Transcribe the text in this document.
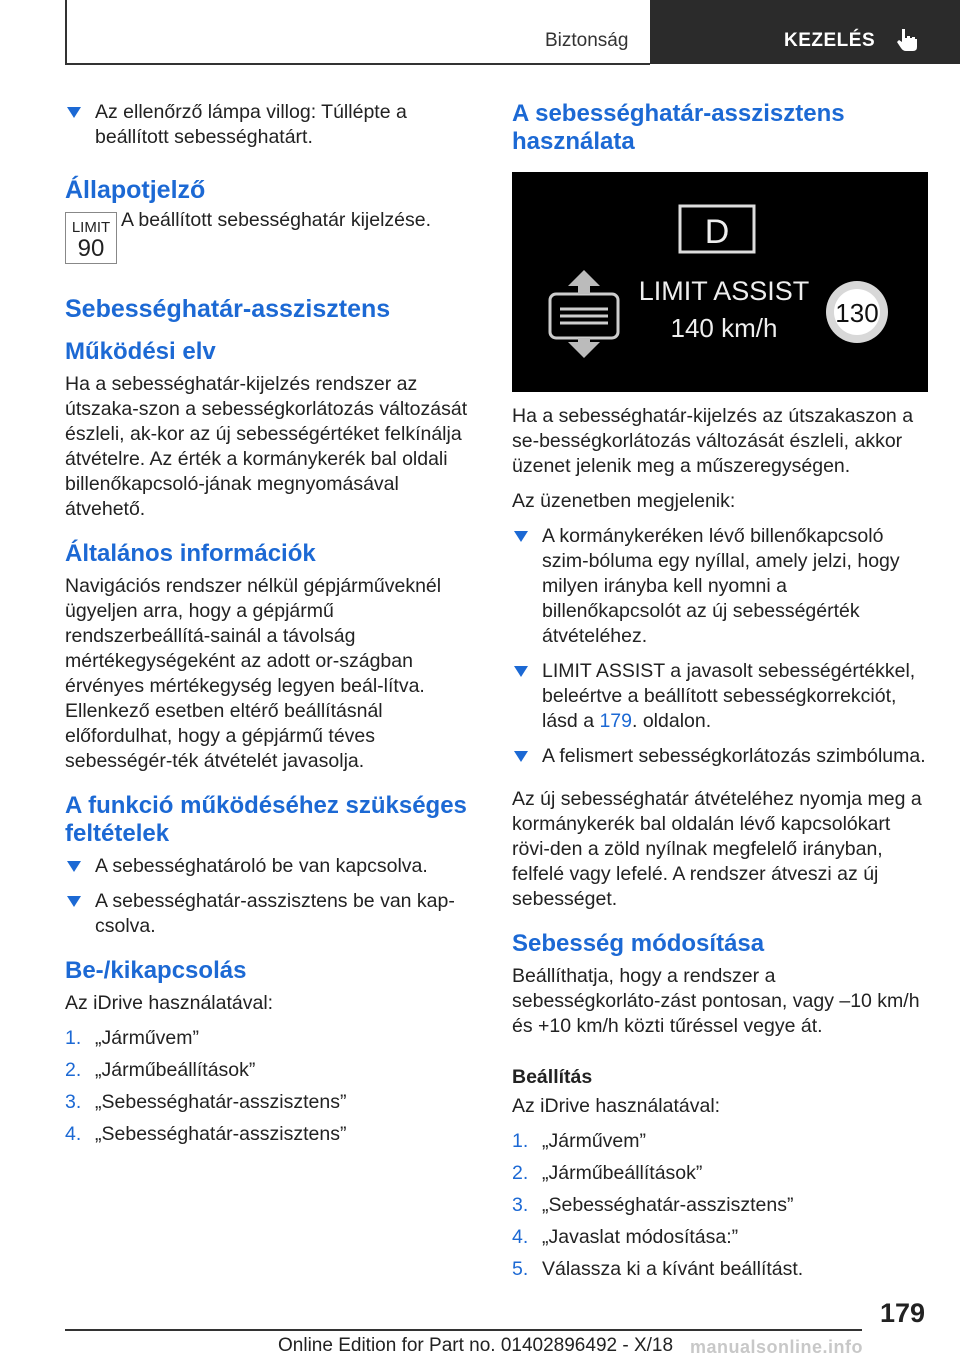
Biztonság	KEZELÉS
Az ellenőrző lámpa villog: Túllépte a beállított sebességhatárt.
Állapotjelző
LIMIT
90

A beállított sebességhatár kijelzése.

Sebességhatár-asszisztens
Működési elv

Ha a sebességhatár-kijelzés rendszer az útszaka-szon a sebességkorlátozás változását észleli, ak-kor az új sebességértéket felkínálja átvételre. Az érték a kormánykerék bal oldali billenőkapcsoló-jának megnyomásával átvehető.

Általános információk

Navigációs rendszer nélkül gépjárműveknél ügyeljen arra, hogy a gépjármű rendszerbeállítá-sainál a távolság mértékegységeként az adott or-szágban érvényes mértékegység legyen beál-lítva. Ellenkező esetben eltérő beállításnál előfordulhat, hogy a gépjármű téves sebességér-ték átvételét javasolja.

A funkció működéséhez szükséges feltételek
A sebességhatároló be van kapcsolva.
A sebességhatár-asszisztens be van kap-csolva.
Be-/kikapcsolás

Az iDrive használatával:

1. „Járművem”
2. „Járműbeállítások”
3. „Sebességhatár-asszisztens”
4. „Sebességhatár-asszisztens”
A sebességhatár-asszisztens használata
D
LIMIT ASSIST
140 km/h 130

Ha a sebességhatár-kijelzés az útszakaszon a se-bességkorlátozás változását észleli, akkor üzenet jelenik meg a műszeregységen.

Az üzenetben megjelenik:

A kormánykeréken lévő billenőkapcsoló szim-bóluma egy nyíllal, amely jelzi, hogy milyen irányba kell nyomni a billenőkapcsolót az új sebességérték átvételéhez.
LIMIT ASSIST a javasolt sebességértékkel, beleértve a beállított sebességkorrekciót, lásd a 179. oldalon.
A felismert sebességkorlátozás szimbóluma.

Az új sebességhatár átvételéhez nyomja meg a kormánykerék bal oldalán lévő kapcsolókart rövi-den a zöld nyílnak megfelelő irányban, felfelé vagy lefelé. A rendszer átveszi az új sebességet.

Sebesség módosítása

Beállíthatja, hogy a rendszer a sebességkorláto-zást pontosan, vagy –10 km/h és +10 km/h közti tűréssel vegye át.

Beállítás

Az iDrive használatával:

1. „Járművem”
2. „Járműbeállítások”
3. „Sebességhatár-asszisztens”
4. „Javaslat módosítása:”
5. Válassza ki a kívánt beállítást.
179
Online Edition for Part no. 01402896492 - X/18 manualsonline.info
